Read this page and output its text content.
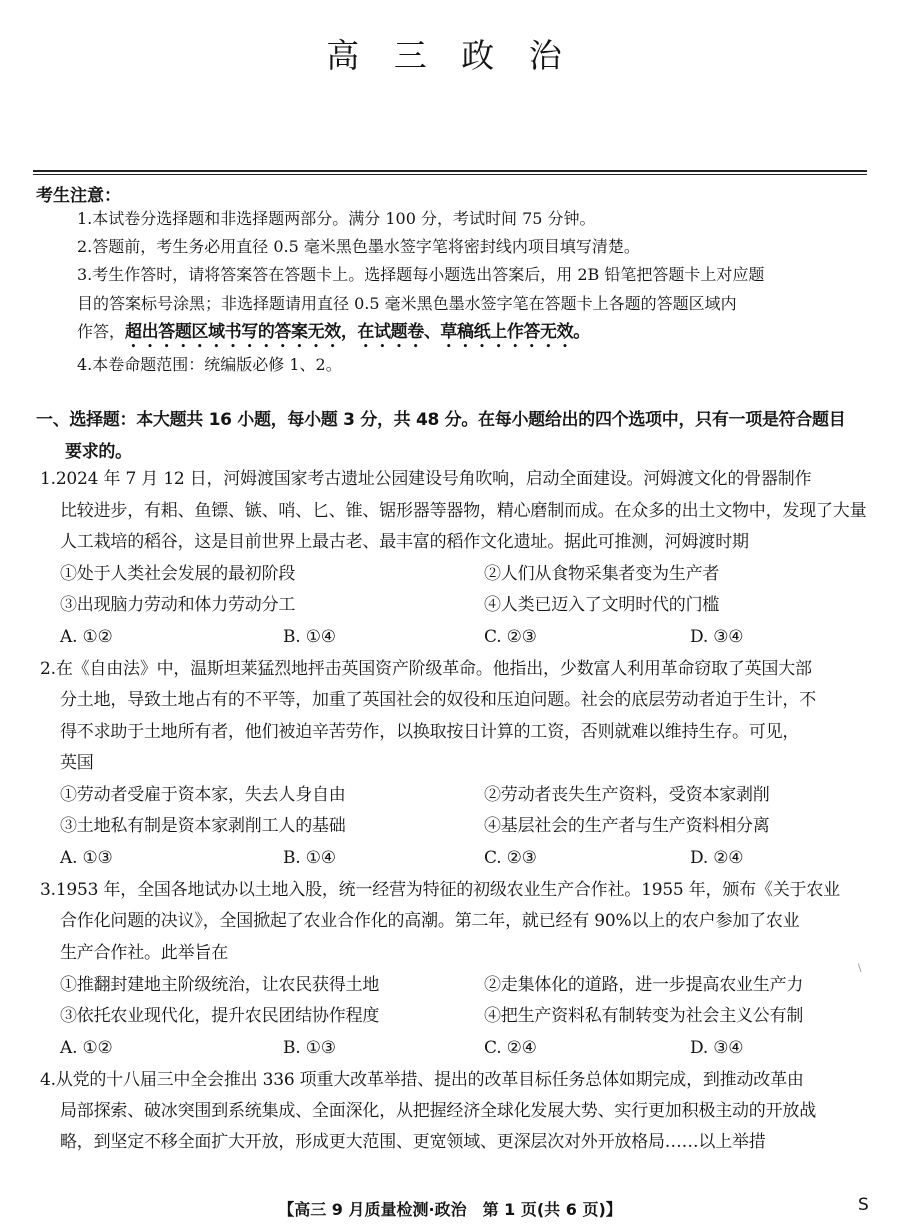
高 三 政 治
考生注意：
1.本试卷分选择题和非选择题两部分。满分 100 分，考试时间 75 分钟。
2.答题前，考生务必用直径 0.5 毫米黑色墨水签字笔将密封线内项目填写清楚。
3.考生作答时，请将答案答在答题卡上。选择题每小题选出答案后，用 2B 铅笔把答题卡上对应题
目的答案标号涂黑；非选择题请用直径 0.5 毫米黑色墨水签字笔在答题卡上各题的答题区域内
作答，超出答题区域书写的答案无效，在试题卷、草稿纸上作答无效。
4.本卷命题范围：统编版必修 1、2。
一、选择题：本大题共 16 小题，每小题 3 分，共 48 分。在每小题给出的四个选项中，只有一项是符合题目
要求的。
1.2024 年 7 月 12 日，河姆渡国家考古遗址公园建设号角吹响，启动全面建设。河姆渡文化的骨器制作
比较进步，有耜、鱼镖、镞、哨、匕、锥、锯形器等器物，精心磨制而成。在众多的出土文物中，发现了大量
人工栽培的稻谷，这是目前世界上最古老、最丰富的稻作文化遗址。据此可推测，河姆渡时期
①处于人类社会发展的最初阶段	②人们从食物采集者变为生产者
③出现脑力劳动和体力劳动分工	④人类已迈入了文明时代的门槛
A. ①②	B. ①④	C. ②③	D. ③④
2.在《自由法》中，温斯坦莱猛烈地抨击英国资产阶级革命。他指出，少数富人利用革命窃取了英国大部
分土地，导致土地占有的不平等，加重了英国社会的奴役和压迫问题。社会的底层劳动者迫于生计，不
得不求助于土地所有者，他们被迫辛苦劳作，以换取按日计算的工资，否则就难以维持生存。可见，
英国
①劳动者受雇于资本家，失去人身自由	②劳动者丧失生产资料，受资本家剥削
③土地私有制是资本家剥削工人的基础	④基层社会的生产者与生产资料相分离
A. ①③	B. ①④	C. ②③	D. ②④
3.1953 年，全国各地试办以土地入股，统一经营为特征的初级农业生产合作社。1955 年，颁布《关于农业
合作化问题的决议》，全国掀起了农业合作化的高潮。第二年，就已经有 90%以上的农户参加了农业
生产合作社。此举旨在
①推翻封建地主阶级统治，让农民获得土地	②走集体化的道路，进一步提高农业生产力
③依托农业现代化，提升农民团结协作程度	④把生产资料私有制转变为社会主义公有制
A. ①②	B. ①③	C. ②④	D. ③④
4.从党的十八届三中全会推出 336 项重大改革举措、提出的改革目标任务总体如期完成，到推动改革由
局部探索、破冰突围到系统集成、全面深化，从把握经济全球化发展大势、实行更加积极主动的开放战
略，到坚定不移全面扩大开放，形成更大范围、更宽领域、更深层次对外开放格局……以上举措
\
【高三 9 月质量检测·政治　第 1 页(共 6 页)】	S
